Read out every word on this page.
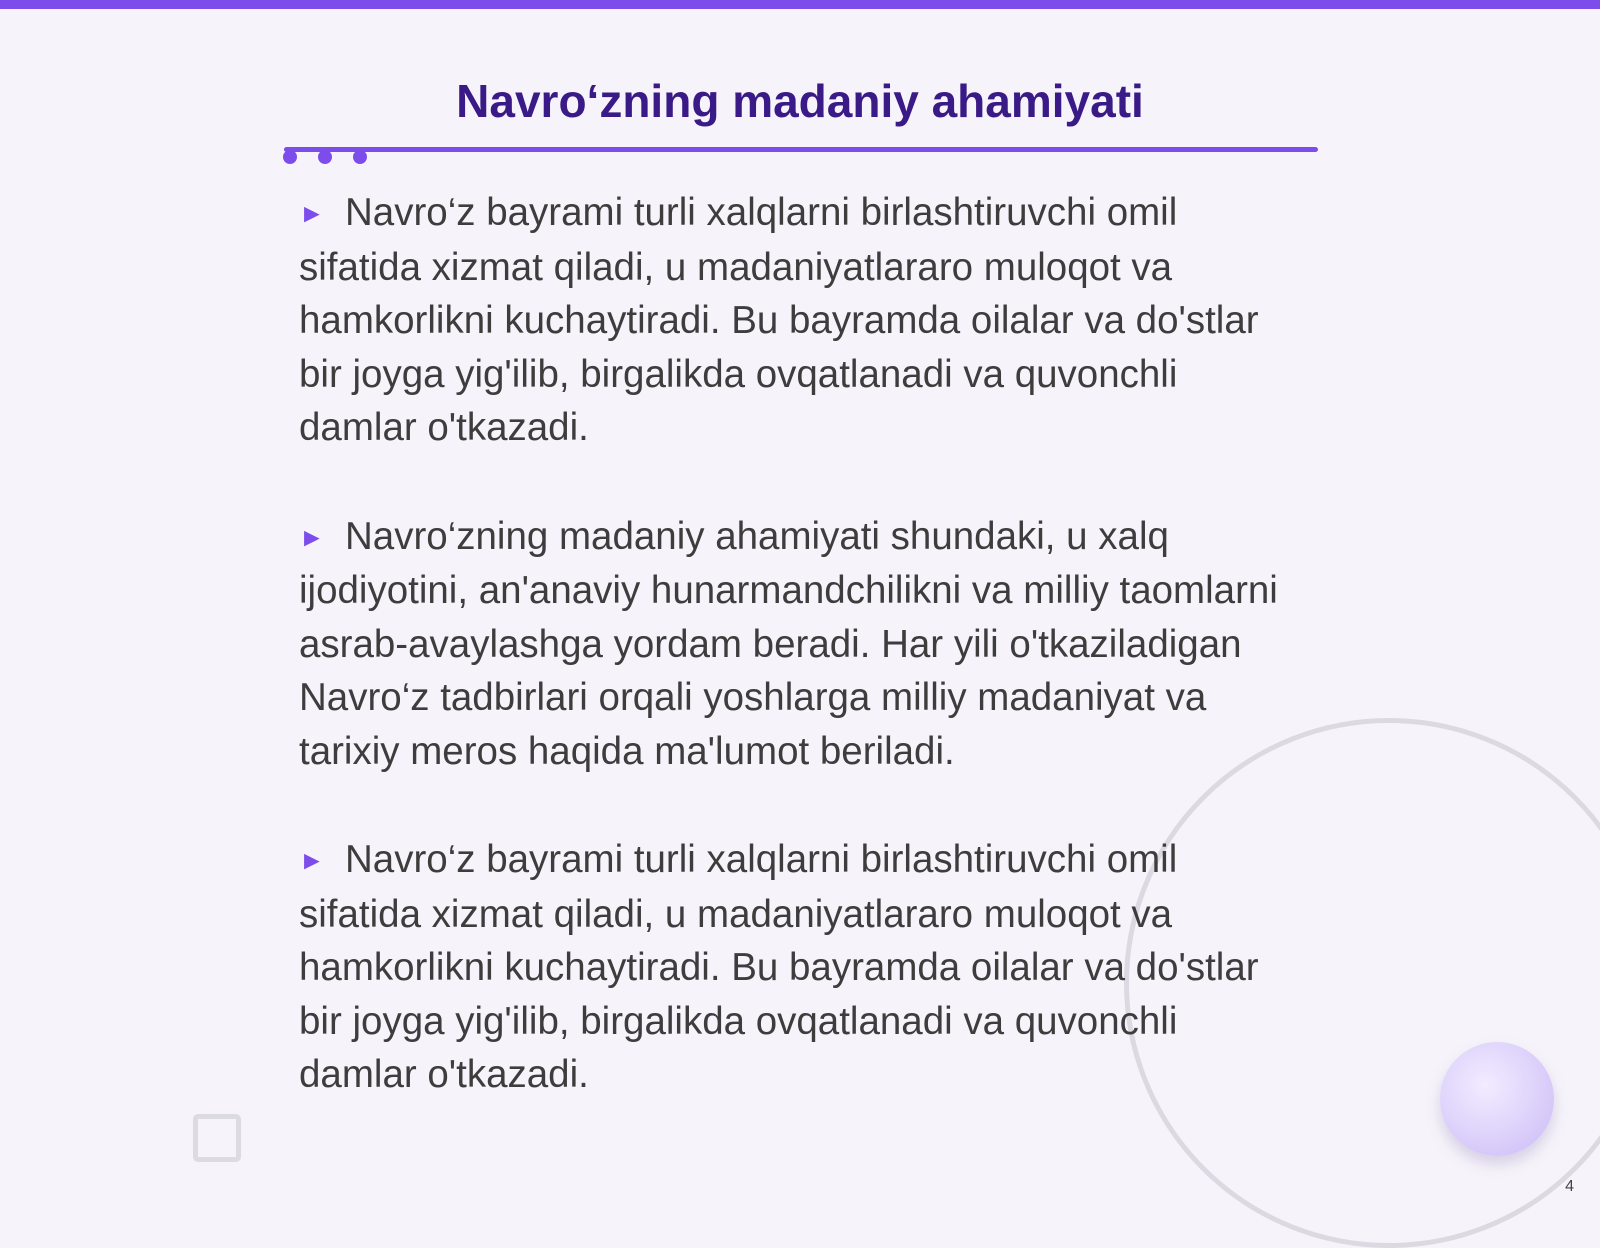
Navro‘zning madaniy ahamiyati

► Navro‘z bayrami turli xalqlarni birlashtiruvchi omil sifatida xizmat qiladi, u madaniyatlararo muloqot va hamkorlikni kuchaytiradi. Bu bayramda oilalar va do'stlar bir joyga yig'ilib, birgalikda ovqatlanadi va quvonchli damlar o'tkazadi.

► Navro‘zning madaniy ahamiyati shundaki, u xalq ijodiyotini, an'anaviy hunarmandchilikni va milliy taomlarni asrab-avaylashga yordam beradi. Har yili o'tkaziladigan Navro‘z tadbirlari orqali yoshlarga milliy madaniyat va tarixiy meros haqida ma'lumot beriladi.

► Navro‘z bayrami turli xalqlarni birlashtiruvchi omil sifatida xizmat qiladi, u madaniyatlararo muloqot va hamkorlikni kuchaytiradi. Bu bayramda oilalar va do'stlar bir joyga yig'ilib, birgalikda ovqatlanadi va quvonchli damlar o'tkazadi.

4
